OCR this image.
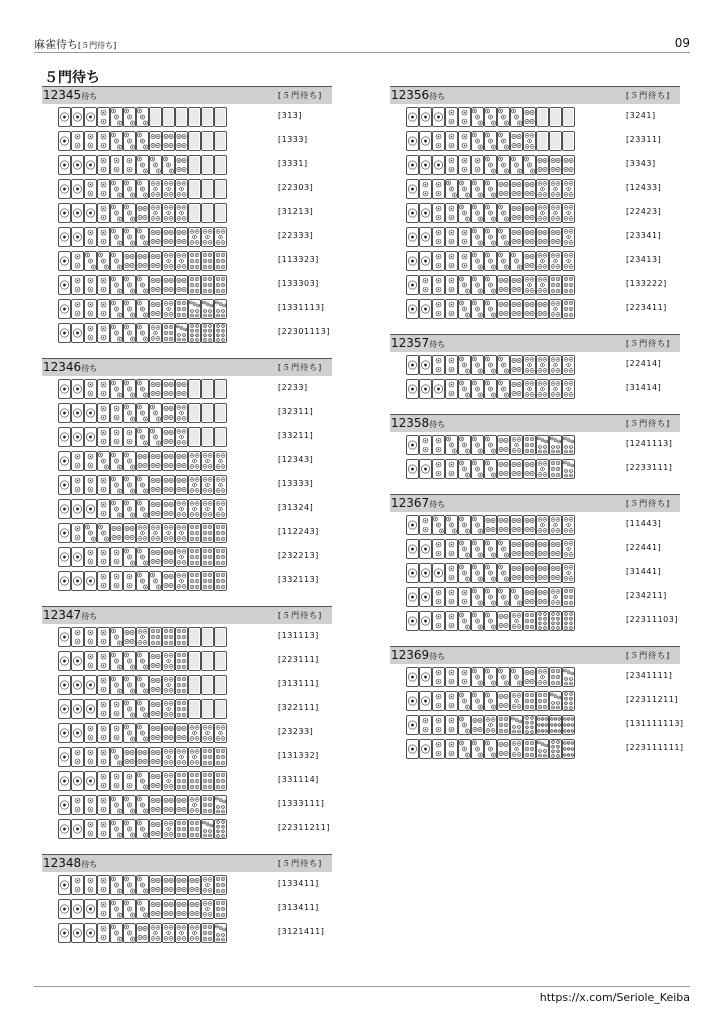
麻雀待ち[５門待ち]	09
５門待ち
12345待ち	[５門待ち]
[313]
[1333]
[3331]
[22303]
[31213]
[22333]
[113323]
[133303]
[1331113]
[22301113]
12346待ち	[５門待ち]
[2233]
[32311]
[33211]
[12343]
[13333]
[31324]
[112243]
[232213]
[332113]
12347待ち	[５門待ち]
[131113]
[223111]
[313111]
[322111]
[23233]
[131332]
[331114]
[1333111]
[22311211]
12348待ち	[５門待ち]
[133411]
[313411]
[3121411]
12356待ち	[５門待ち]
[3241]
[23311]
[3343]
[12433]
[22423]
[23341]
[23413]
[133222]
[223411]
12357待ち	[５門待ち]
[22414]
[31414]
12358待ち	[５門待ち]
[1241113]
[2233111]
12367待ち	[５門待ち]
[11443]
[22441]
[31441]
[234211]
[22311103]
12369待ち	[５門待ち]
[2341111]
[22311211]
[131111113]
[223111111]
https://x.com/Seriole_Keiba
